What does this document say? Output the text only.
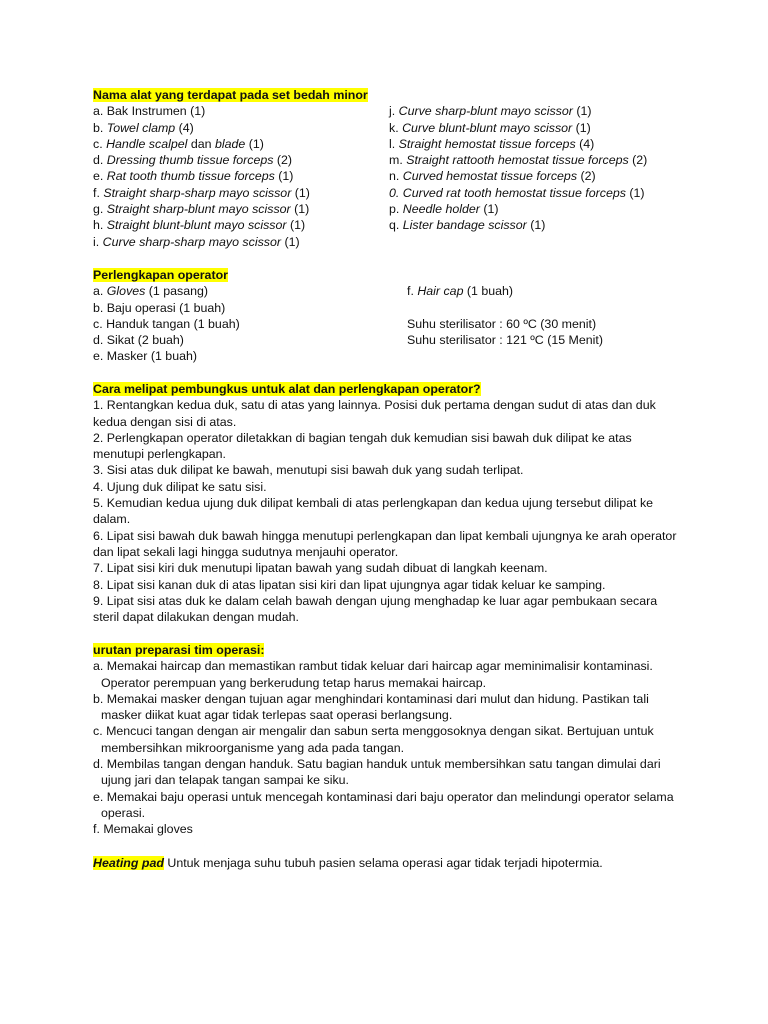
Nama alat yang terdapat pada set bedah minor
a. Bak Instrumen (1)
b. Towel clamp (4)
c. Handle scalpel dan blade (1)
d. Dressing thumb tissue forceps (2)
e. Rat tooth thumb tissue forceps (1)
f. Straight sharp-sharp mayo scissor (1)
g. Straight sharp-blunt mayo scissor (1)
h. Straight blunt-blunt mayo scissor (1)
i. Curve sharp-sharp mayo scissor (1)
j. Curve sharp-blunt mayo scissor (1)
k. Curve blunt-blunt mayo scissor (1)
l. Straight hemostat tissue forceps (4)
m. Straight rattooth hemostat tissue forceps (2)
n. Curved hemostat tissue forceps (2)
0. Curved rat tooth hemostat tissue forceps (1)
p. Needle holder (1)
q. Lister bandage scissor (1)
Perlengkapan operator
a. Gloves (1 pasang)
b. Baju operasi (1 buah)
c. Handuk tangan (1 buah)
d. Sikat (2 buah)
e. Masker (1 buah)
f. Hair cap (1 buah)
Suhu sterilisator : 60 ºC (30 menit)
Suhu sterilisator : 121 ºC (15 Menit)
Cara melipat pembungkus untuk alat dan perlengkapan operator?
1. Rentangkan kedua duk, satu di atas yang lainnya. Posisi duk pertama dengan sudut di atas dan duk kedua dengan sisi di atas.
2. Perlengkapan operator diletakkan di bagian tengah duk kemudian sisi bawah duk dilipat ke atas menutupi perlengkapan.
3. Sisi atas duk dilipat ke bawah, menutupi sisi bawah duk yang sudah terlipat.
4. Ujung duk dilipat ke satu sisi.
5. Kemudian kedua ujung duk dilipat kembali di atas perlengkapan dan kedua ujung tersebut dilipat ke dalam.
6. Lipat sisi bawah duk bawah hingga menutupi perlengkapan dan lipat kembali ujungnya ke arah operator dan lipat sekali lagi hingga sudutnya menjauhi operator.
7. Lipat sisi kiri duk menutupi lipatan bawah yang sudah dibuat di langkah keenam.
8. Lipat sisi kanan duk di atas lipatan sisi kiri dan lipat ujungnya agar tidak keluar ke samping.
9. Lipat sisi atas duk ke dalam celah bawah dengan ujung menghadap ke luar agar pembukaan secara steril dapat dilakukan dengan mudah.
urutan preparasi tim operasi:
a. Memakai haircap dan memastikan rambut tidak keluar dari haircap agar meminimalisir kontaminasi. Operator perempuan yang berkerudung tetap harus memakai haircap.
b. Memakai masker dengan tujuan agar menghindari kontaminasi dari mulut dan hidung. Pastikan tali masker diikat kuat agar tidak terlepas saat operasi berlangsung.
c. Mencuci tangan dengan air mengalir dan sabun serta menggosoknya dengan sikat. Bertujuan untuk membersihkan mikroorganisme yang ada pada tangan.
d. Membilas tangan dengan handuk. Satu bagian handuk untuk membersihkan satu tangan dimulai dari ujung jari dan telapak tangan sampai ke siku.
e. Memakai baju operasi untuk mencegah kontaminasi dari baju operator dan melindungi operator selama operasi.
f. Memakai gloves
Heating pad Untuk menjaga suhu tubuh pasien selama operasi agar tidak terjadi hipotermia.
